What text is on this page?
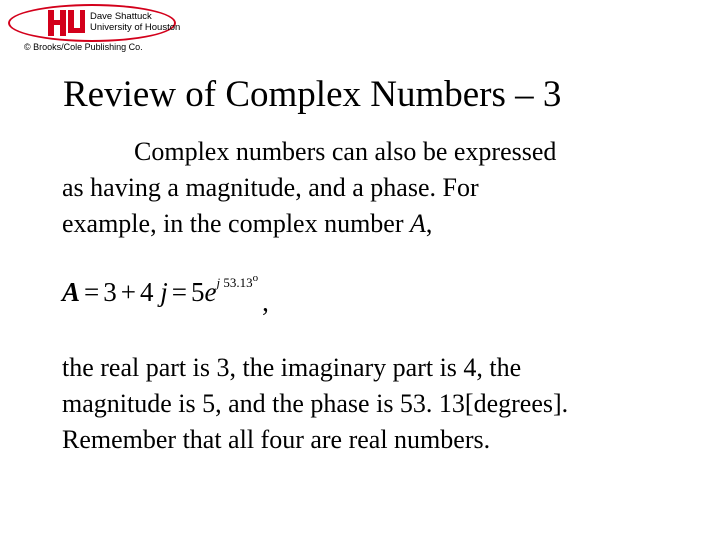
Dave Shattuck
University of Houston
© Brooks/Cole Publishing Co.
Review of Complex Numbers – 3

Complex numbers can also be expressed
as having a magnitude, and a phase. For
example, in the complex number A,

A = 3 + 4 $j = 5e^{j 53.13^o}$,

the real part is 3, the imaginary part is 4, the
magnitude is 5, and the phase is 53. 13[degrees].
Remember that all four are real numbers.
